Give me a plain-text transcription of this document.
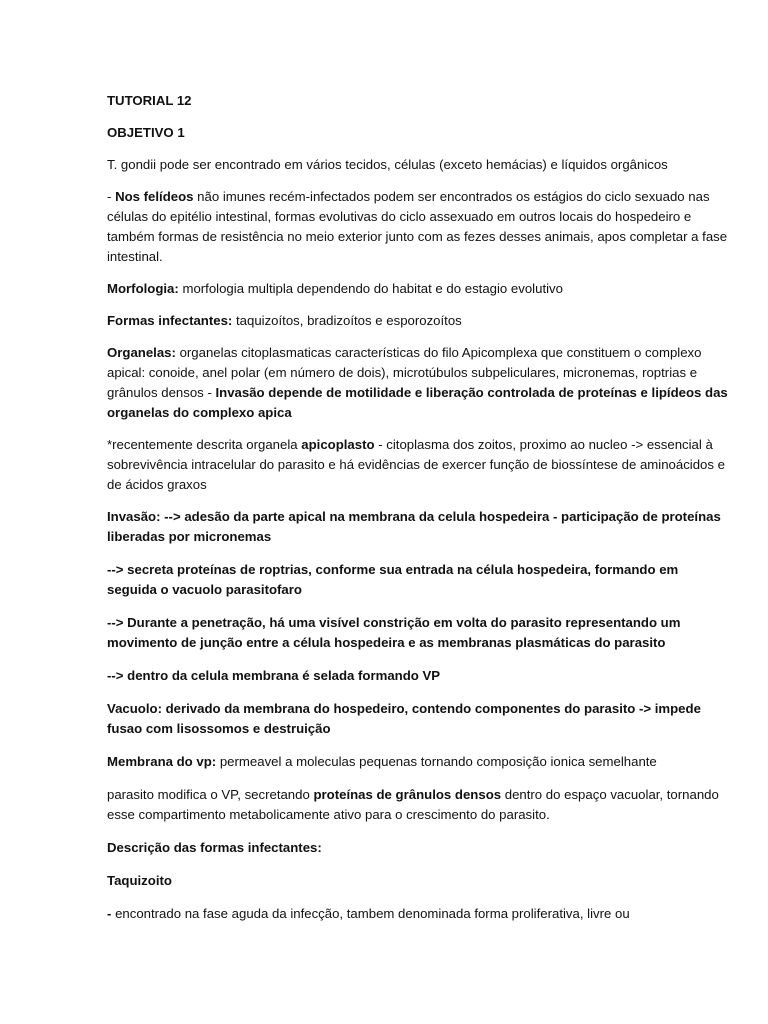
TUTORIAL 12

OBJETIVO 1

T. gondii pode ser encontrado em vários tecidos, células (exceto hemácias) e líquidos orgânicos

- Nos felídeos não imunes recém-infectados podem ser encontrados os estágios do ciclo sexuado nas células do epitélio intestinal, formas evolutivas do ciclo assexuado em outros locais do hospedeiro e também formas de resistência no meio exterior junto com as fezes desses animais, apos completar a fase intestinal.

Morfologia: morfologia multipla dependendo do habitat e do estagio evolutivo

Formas infectantes: taquizoítos, bradizoítos e esporozoítos

Organelas: organelas citoplasmaticas características do filo Apicomplexa que constituem o complexo apical: conoide, anel polar (em número de dois), microtúbulos subpeliculares, micronemas, roptrias e grânulos densos - Invasão depende de motilidade e liberação controlada de proteínas e lipídeos das organelas do complexo apica

*recentemente descrita organela apicoplasto - citoplasma dos zoitos, proximo ao nucleo -> essencial à sobrevivência intracelular do parasito e há evidências de exercer função de biossíntese de aminoácidos e de ácidos graxos

Invasão: --> adesão da parte apical na membrana da celula hospedeira - participação de proteínas liberadas por micronemas

--> secreta proteínas de roptrias, conforme sua entrada na célula hospedeira, formando em seguida o vacuolo parasitofaro

--> Durante a penetração, há uma visível constrição em volta do parasito representando um movimento de junção entre a célula hospedeira e as membranas plasmáticas do parasito

--> dentro da celula membrana é selada formando VP

Vacuolo: derivado da membrana do hospedeiro, contendo componentes do parasito -> impede fusao com lisossomos e destruição

Membrana do vp: permeavel a moleculas pequenas tornando composição ionica semelhante

parasito modifica o VP, secretando proteínas de grânulos densos dentro do espaço vacuolar, tornando esse compartimento metabolicamente ativo para o crescimento do parasito.

Descrição das formas infectantes:

Taquizoito

- encontrado na fase aguda da infecção, tambem denominada forma proliferativa, livre ou
